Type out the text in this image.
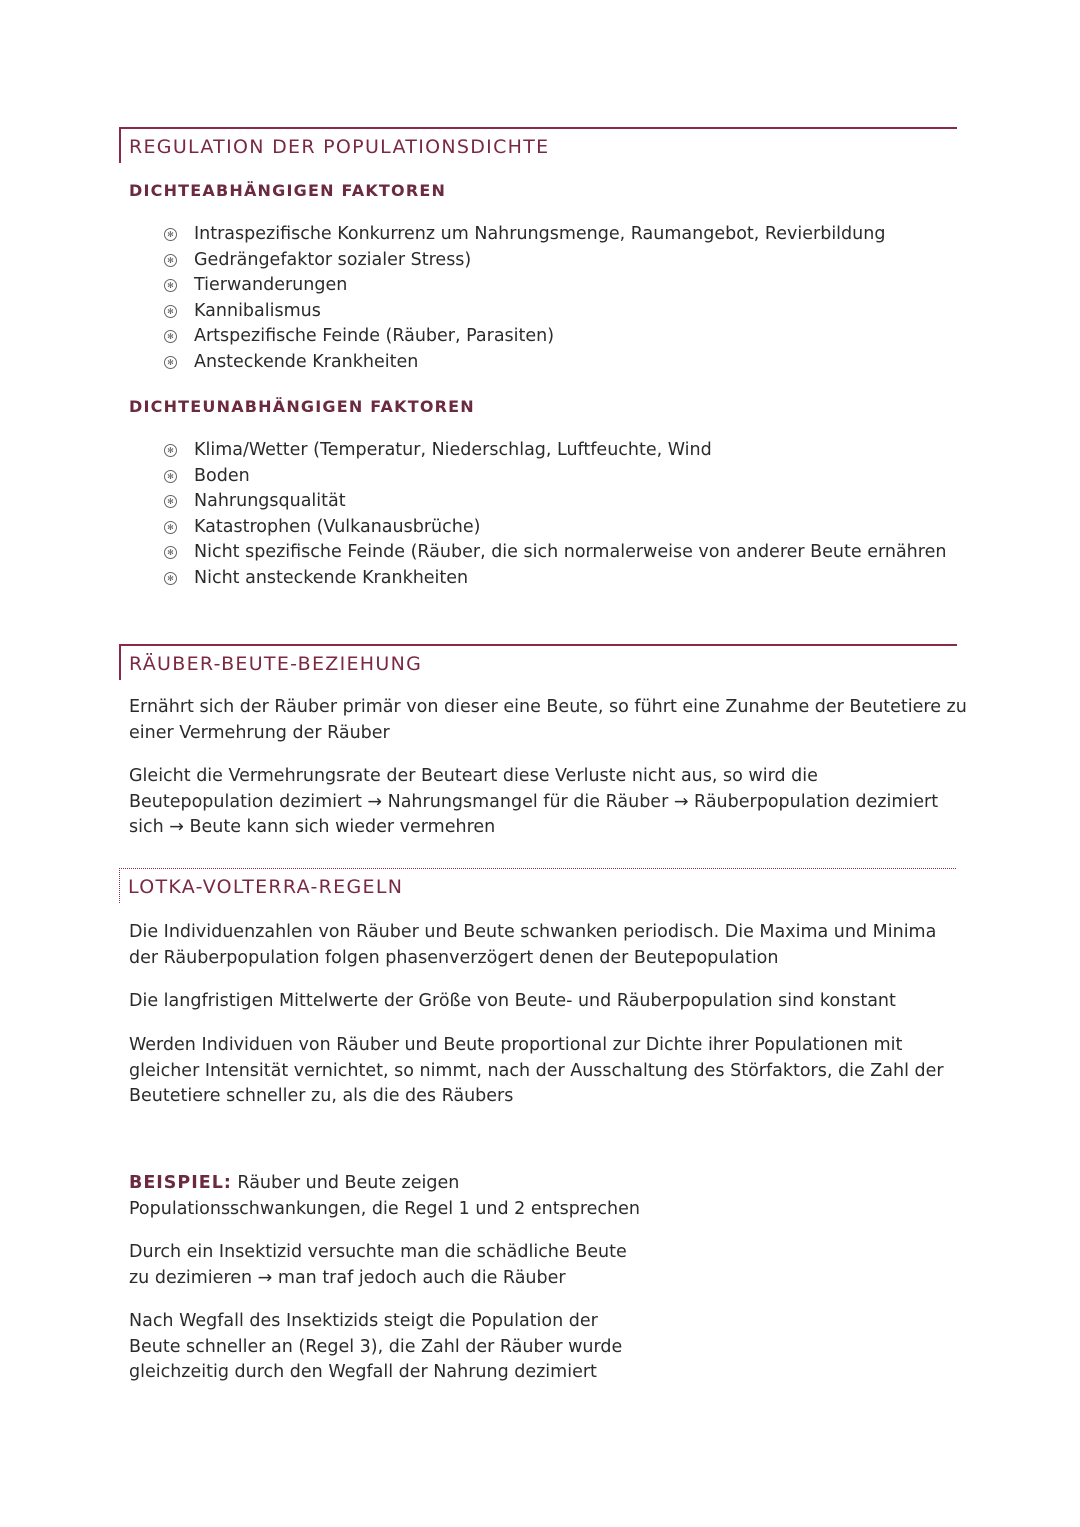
REGULATION DER POPULATIONSDICHTE
DICHTEABHÄNGIGEN FAKTOREN
✻ Intraspezifische Konkurrenz um Nahrungsmenge, Raumangebot, Revierbildung
✻ Gedrängefaktor sozialer Stress)
✻ Tierwanderungen
✻ Kannibalismus
✻ Artspezifische Feinde (Räuber, Parasiten)
✻ Ansteckende Krankheiten
DICHTEUNABHÄNGIGEN FAKTOREN
✻ Klima/Wetter (Temperatur, Niederschlag, Luftfeuchte, Wind
✻ Boden
✻ Nahrungsqualität
✻ Katastrophen (Vulkanausbrüche)
✻ Nicht spezifische Feinde (Räuber, die sich normalerweise von anderer Beute ernähren
✻ Nicht ansteckende Krankheiten
RÄUBER-BEUTE-BEZIEHUNG

Ernährt sich der Räuber primär von dieser eine Beute, so führt eine Zunahme der Beutetiere zu
einer Vermehrung der Räuber

Gleicht die Vermehrungsrate der Beuteart diese Verluste nicht aus, so wird die
Beutepopulation dezimiert → Nahrungsmangel für die Räuber → Räuberpopulation dezimiert
sich → Beute kann sich wieder vermehren

LOTKA-VOLTERRA-REGELN

Die Individuenzahlen von Räuber und Beute schwanken periodisch. Die Maxima und Minima
der Räuberpopulation folgen phasenverzögert denen der Beutepopulation

Die langfristigen Mittelwerte der Größe von Beute- und Räuberpopulation sind konstant

Werden Individuen von Räuber und Beute proportional zur Dichte ihrer Populationen mit
gleicher Intensität vernichtet, so nimmt, nach der Ausschaltung des Störfaktors, die Zahl der
Beutetiere schneller zu, als die des Räubers

BEISPIEL: Räuber und Beute zeigen
Populationsschwankungen, die Regel 1 und 2 entsprechen

Durch ein Insektizid versuchte man die schädliche Beute
zu dezimieren → man traf jedoch auch die Räuber

Nach Wegfall des Insektizids steigt die Population der
Beute schneller an (Regel 3), die Zahl der Räuber wurde
gleichzeitig durch den Wegfall der Nahrung dezimiert
